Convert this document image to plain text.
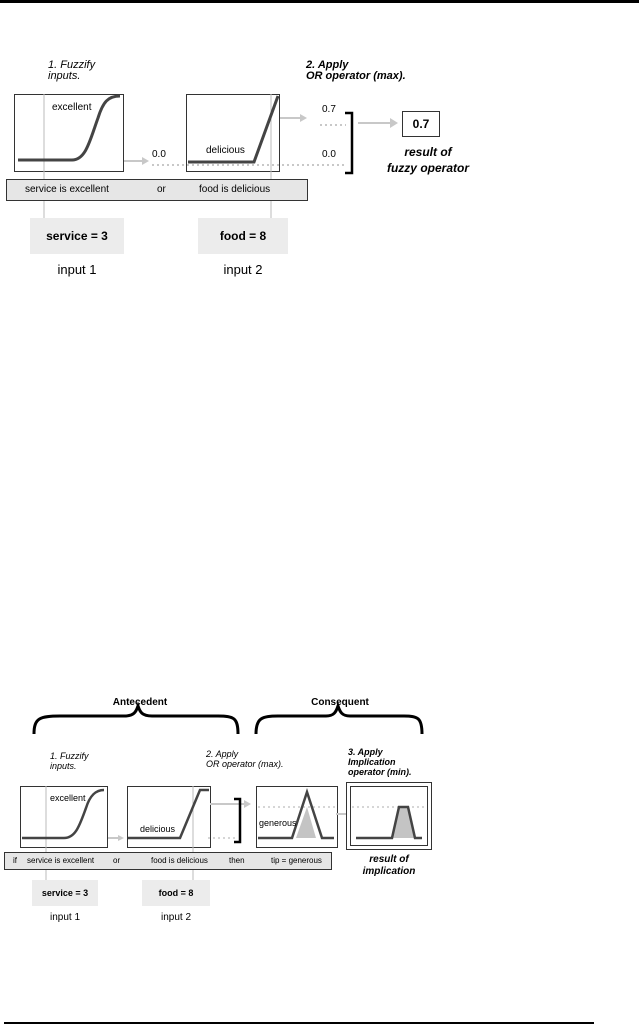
1. Fuzzify
inputs.
2. Apply
OR operator (max).
excellent
delicious
0.0
0.7
0.0
0.7
result of
fuzzy operator
service is excellent	or	food is delicious
service = 3	food = 8
input 1	input 2
Antecedent	Consequent
1. Fuzzify
inputs.
2. Apply
OR operator (max).
3. Apply
Implication
operator (min).
excellent
delicious
generous
result of
implication
if service is excellent or	food is delicious	then	tip = generous
service = 3	food = 8
input 1	input 2
